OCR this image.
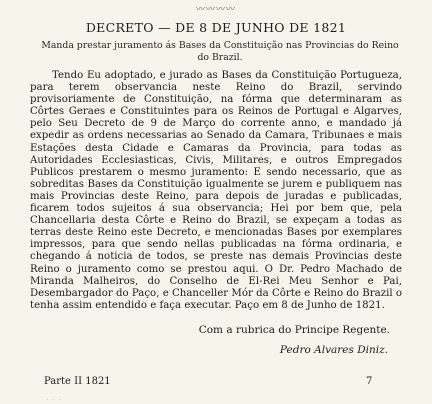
〰〰〰〰
DECRETO — DE 8 DE JUNHO DE 1821
Manda prestar juramento ás Bases da Constituição nas Provincias do Reino do Brazil.

Tendo Eu adoptado, e jurado as Bases da Constituição Portugueza, para terem observancia neste Reino do Brazil, servindo provisoriamente de Constituição, na fórma que determinaram as Côrtes Geraes e Constituintes para os Reinos de Portugal e Algarves, pelo Seu Decreto de 9 de Março do corrente anno, e mandado já expedir as ordens necessarias ao Senado da Camara, Tribunaes e mais Estações desta Cidade e Camaras da Provincia, para todas as Autoridades Ecclesiasticas, Civis, Militares, e outros Empregados Publicos prestarem o mesmo juramento: E sendo necessario, que as sobreditas Bases da Constituição igualmente se jurem e publiquem nas mais Provincias deste Reino, para depois de juradas e publicadas, ficarem todos sujeitos á sua observancia; Hei por bem que, pela Chancellaria desta Côrte e Reino do Brazil, se expeçam a todas as terras deste Reino este Decreto, e mencionadas Bases por exemplares impressos, para que sendo nellas publicadas na fórma ordinaria, e chegando á noticia de todos, se preste nas demais Provincias deste Reino o juramento como se prestou aqui. O Dr. Pedro Machado de Miranda Malheiros, do Conselho de El-Rei Meu Senhor e Pai, Desembargador do Paço, e Chanceller Mór da Côrte e Reino do Brazil o tenha assim entendido e faça executar. Paço em 8 de Junho de 1821.

Com a rubrica do Principe Regente.
Pedro Alvares Diniz.
Parte II 1821	7
· · ·
